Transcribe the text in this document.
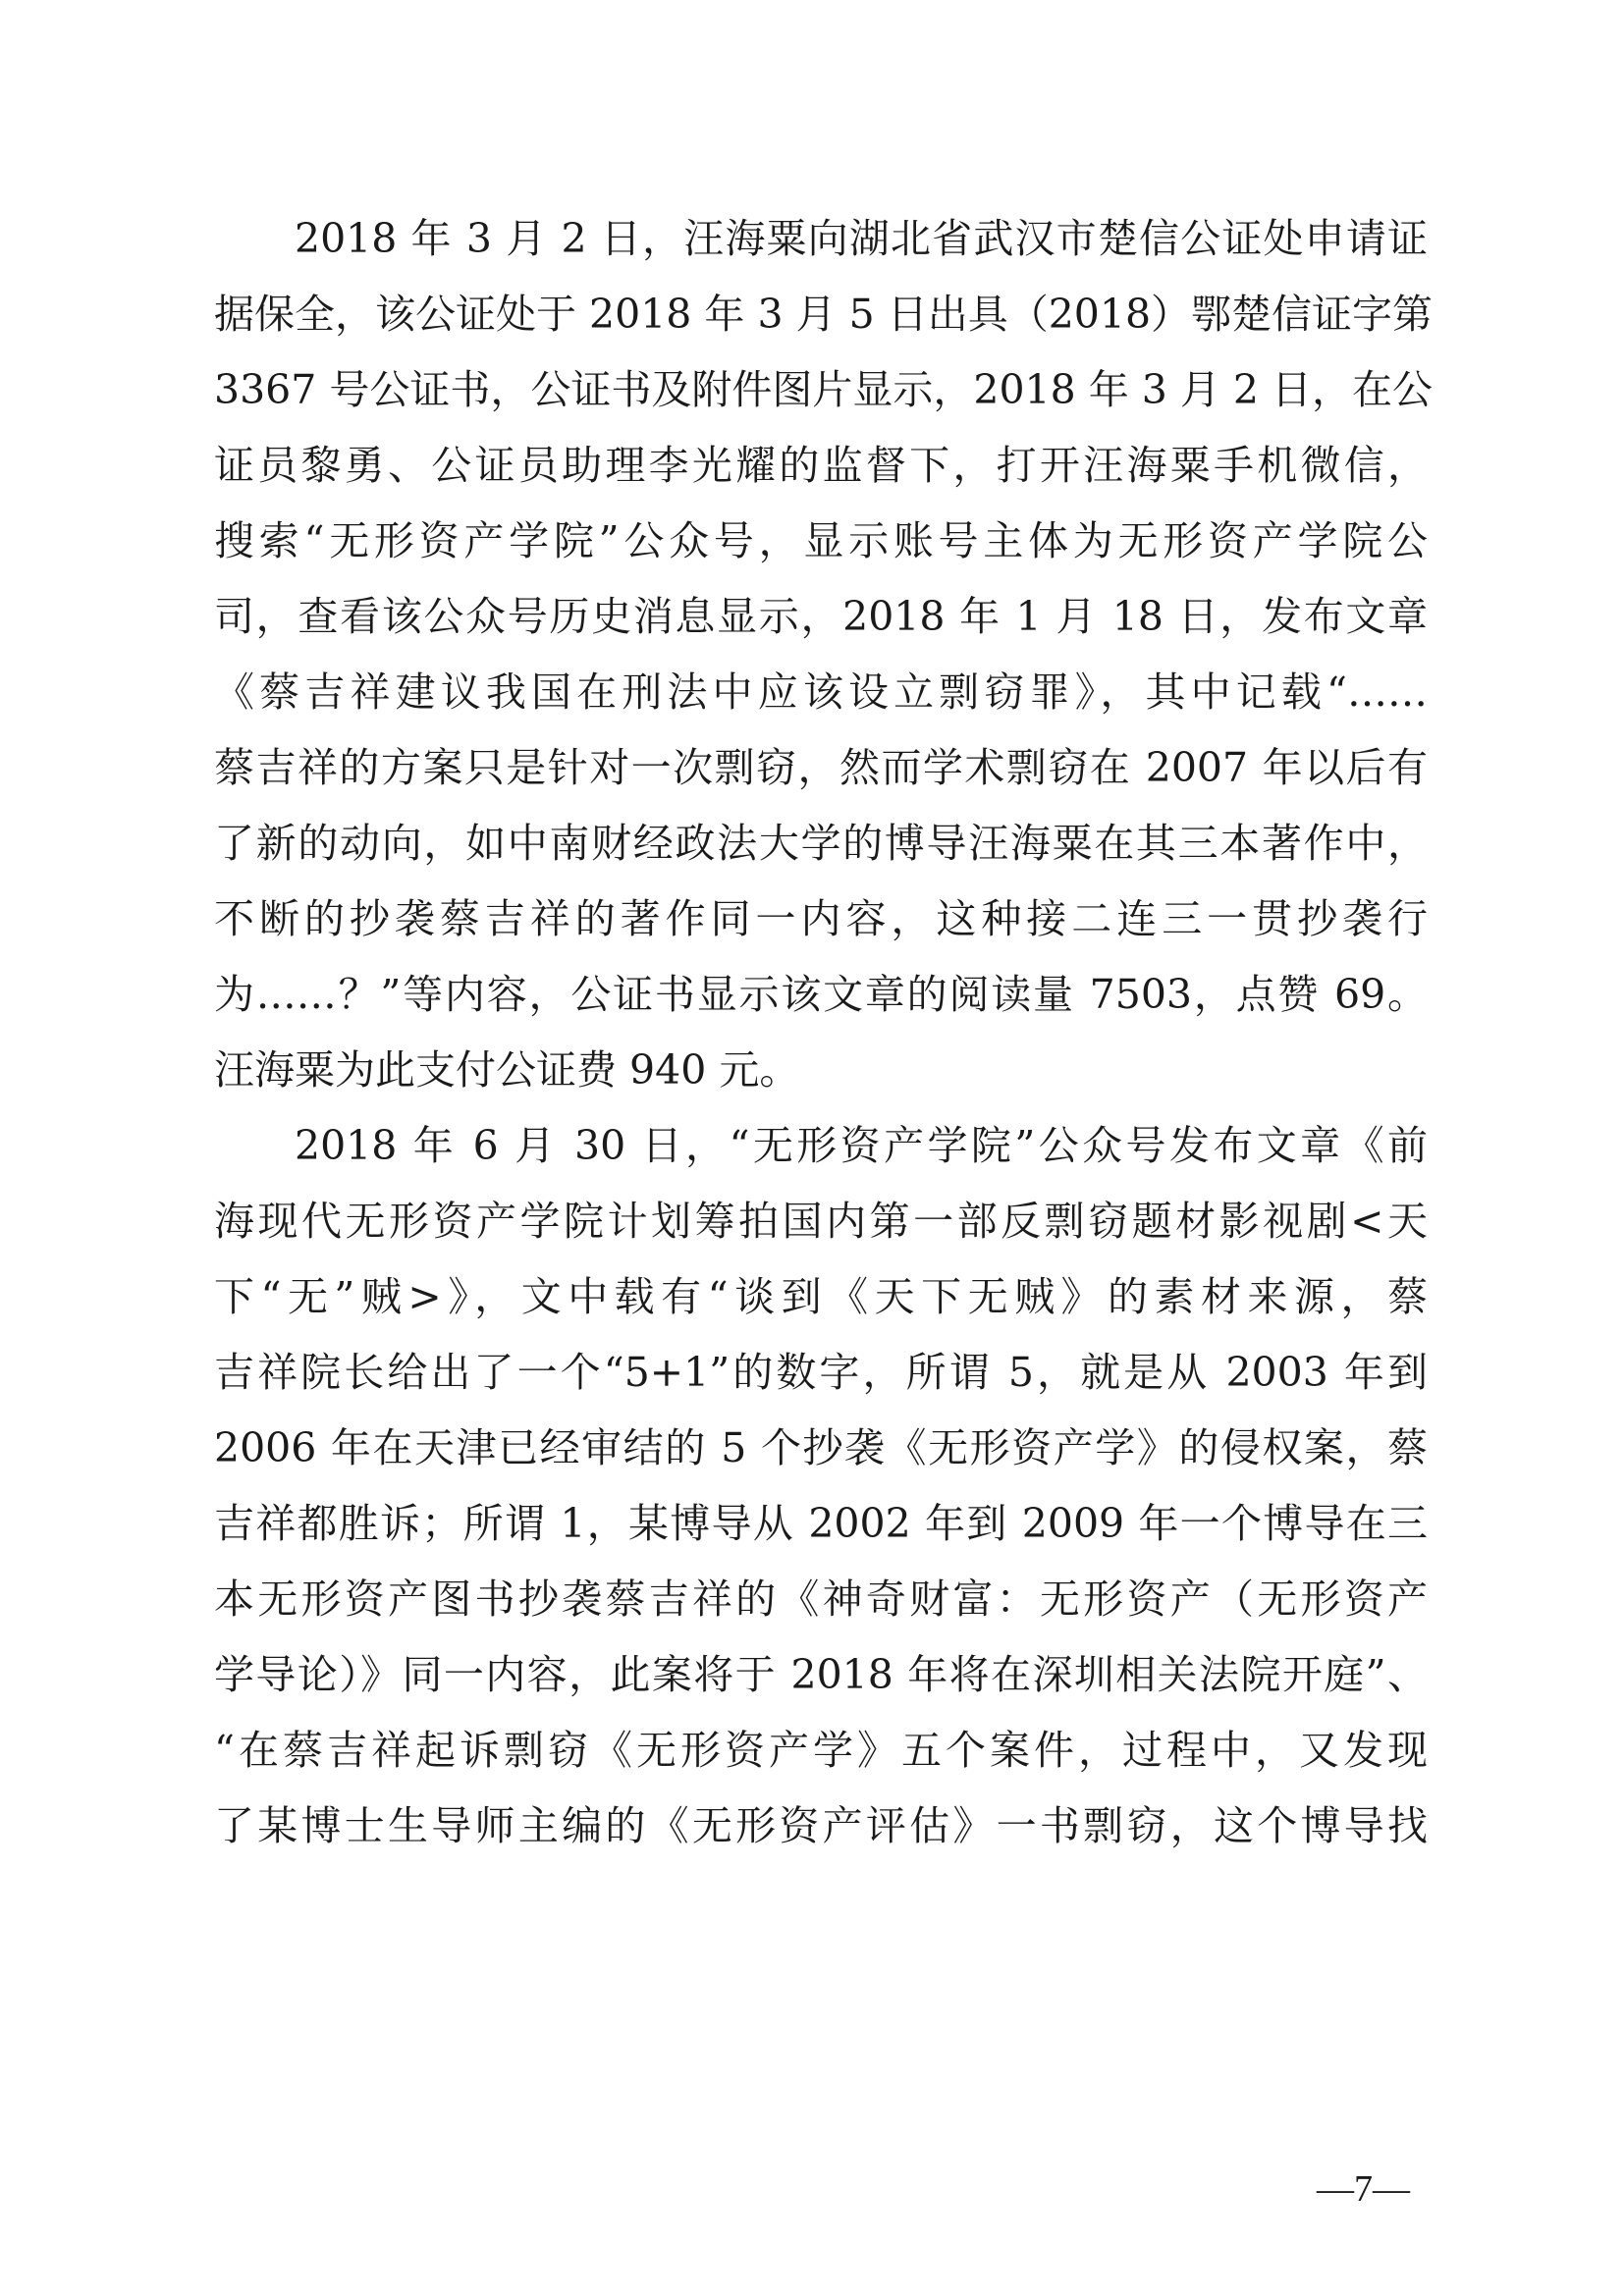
2018 年 3 月 2 日，汪海粟向湖北省武汉市楚信公证处申请证

据保全，该公证处于 2018 年 3 月 5 日出具（2018）鄂楚信证字第

3367 号公证书，公证书及附件图片显示，2018 年 3 月 2 日，在公

证员黎勇、公证员助理李光耀的监督下，打开汪海粟手机微信，

搜索“无形资产学院”公众号，显示账号主体为无形资产学院公

司，查看该公众号历史消息显示，2018 年 1 月 18 日，发布文章

《蔡吉祥建议我国在刑法中应该设立剽窃罪》，其中记载“……

蔡吉祥的方案只是针对一次剽窃，然而学术剽窃在 2007 年以后有

了新的动向，如中南财经政法大学的博导汪海粟在其三本著作中，

不断的抄袭蔡吉祥的著作同一内容，这种接二连三一贯抄袭行

为……？”等内容，公证书显示该文章的阅读量 7503，点赞 69。

汪海粟为此支付公证费 940 元。

2018 年 6 月 30 日，“无形资产学院”公众号发布文章《前

海现代无形资产学院计划筹拍国内第一部反剽窃题材影视剧<天

下“无”贼>》，文中载有“谈到《天下无贼》的素材来源，蔡

吉祥院长给出了一个“5+1”的数字，所谓 5，就是从 2003 年到

2006 年在天津已经审结的 5 个抄袭《无形资产学》的侵权案，蔡

吉祥都胜诉；所谓 1，某博导从 2002 年到 2009 年一个博导在三

本无形资产图书抄袭蔡吉祥的《神奇财富：无形资产（无形资产

学导论）》同一内容，此案将于 2018 年将在深圳相关法院开庭”、

“在蔡吉祥起诉剽窃《无形资产学》五个案件，过程中，又发现

了某博士生导师主编的《无形资产评估》一书剽窃，这个博导找

—7—
